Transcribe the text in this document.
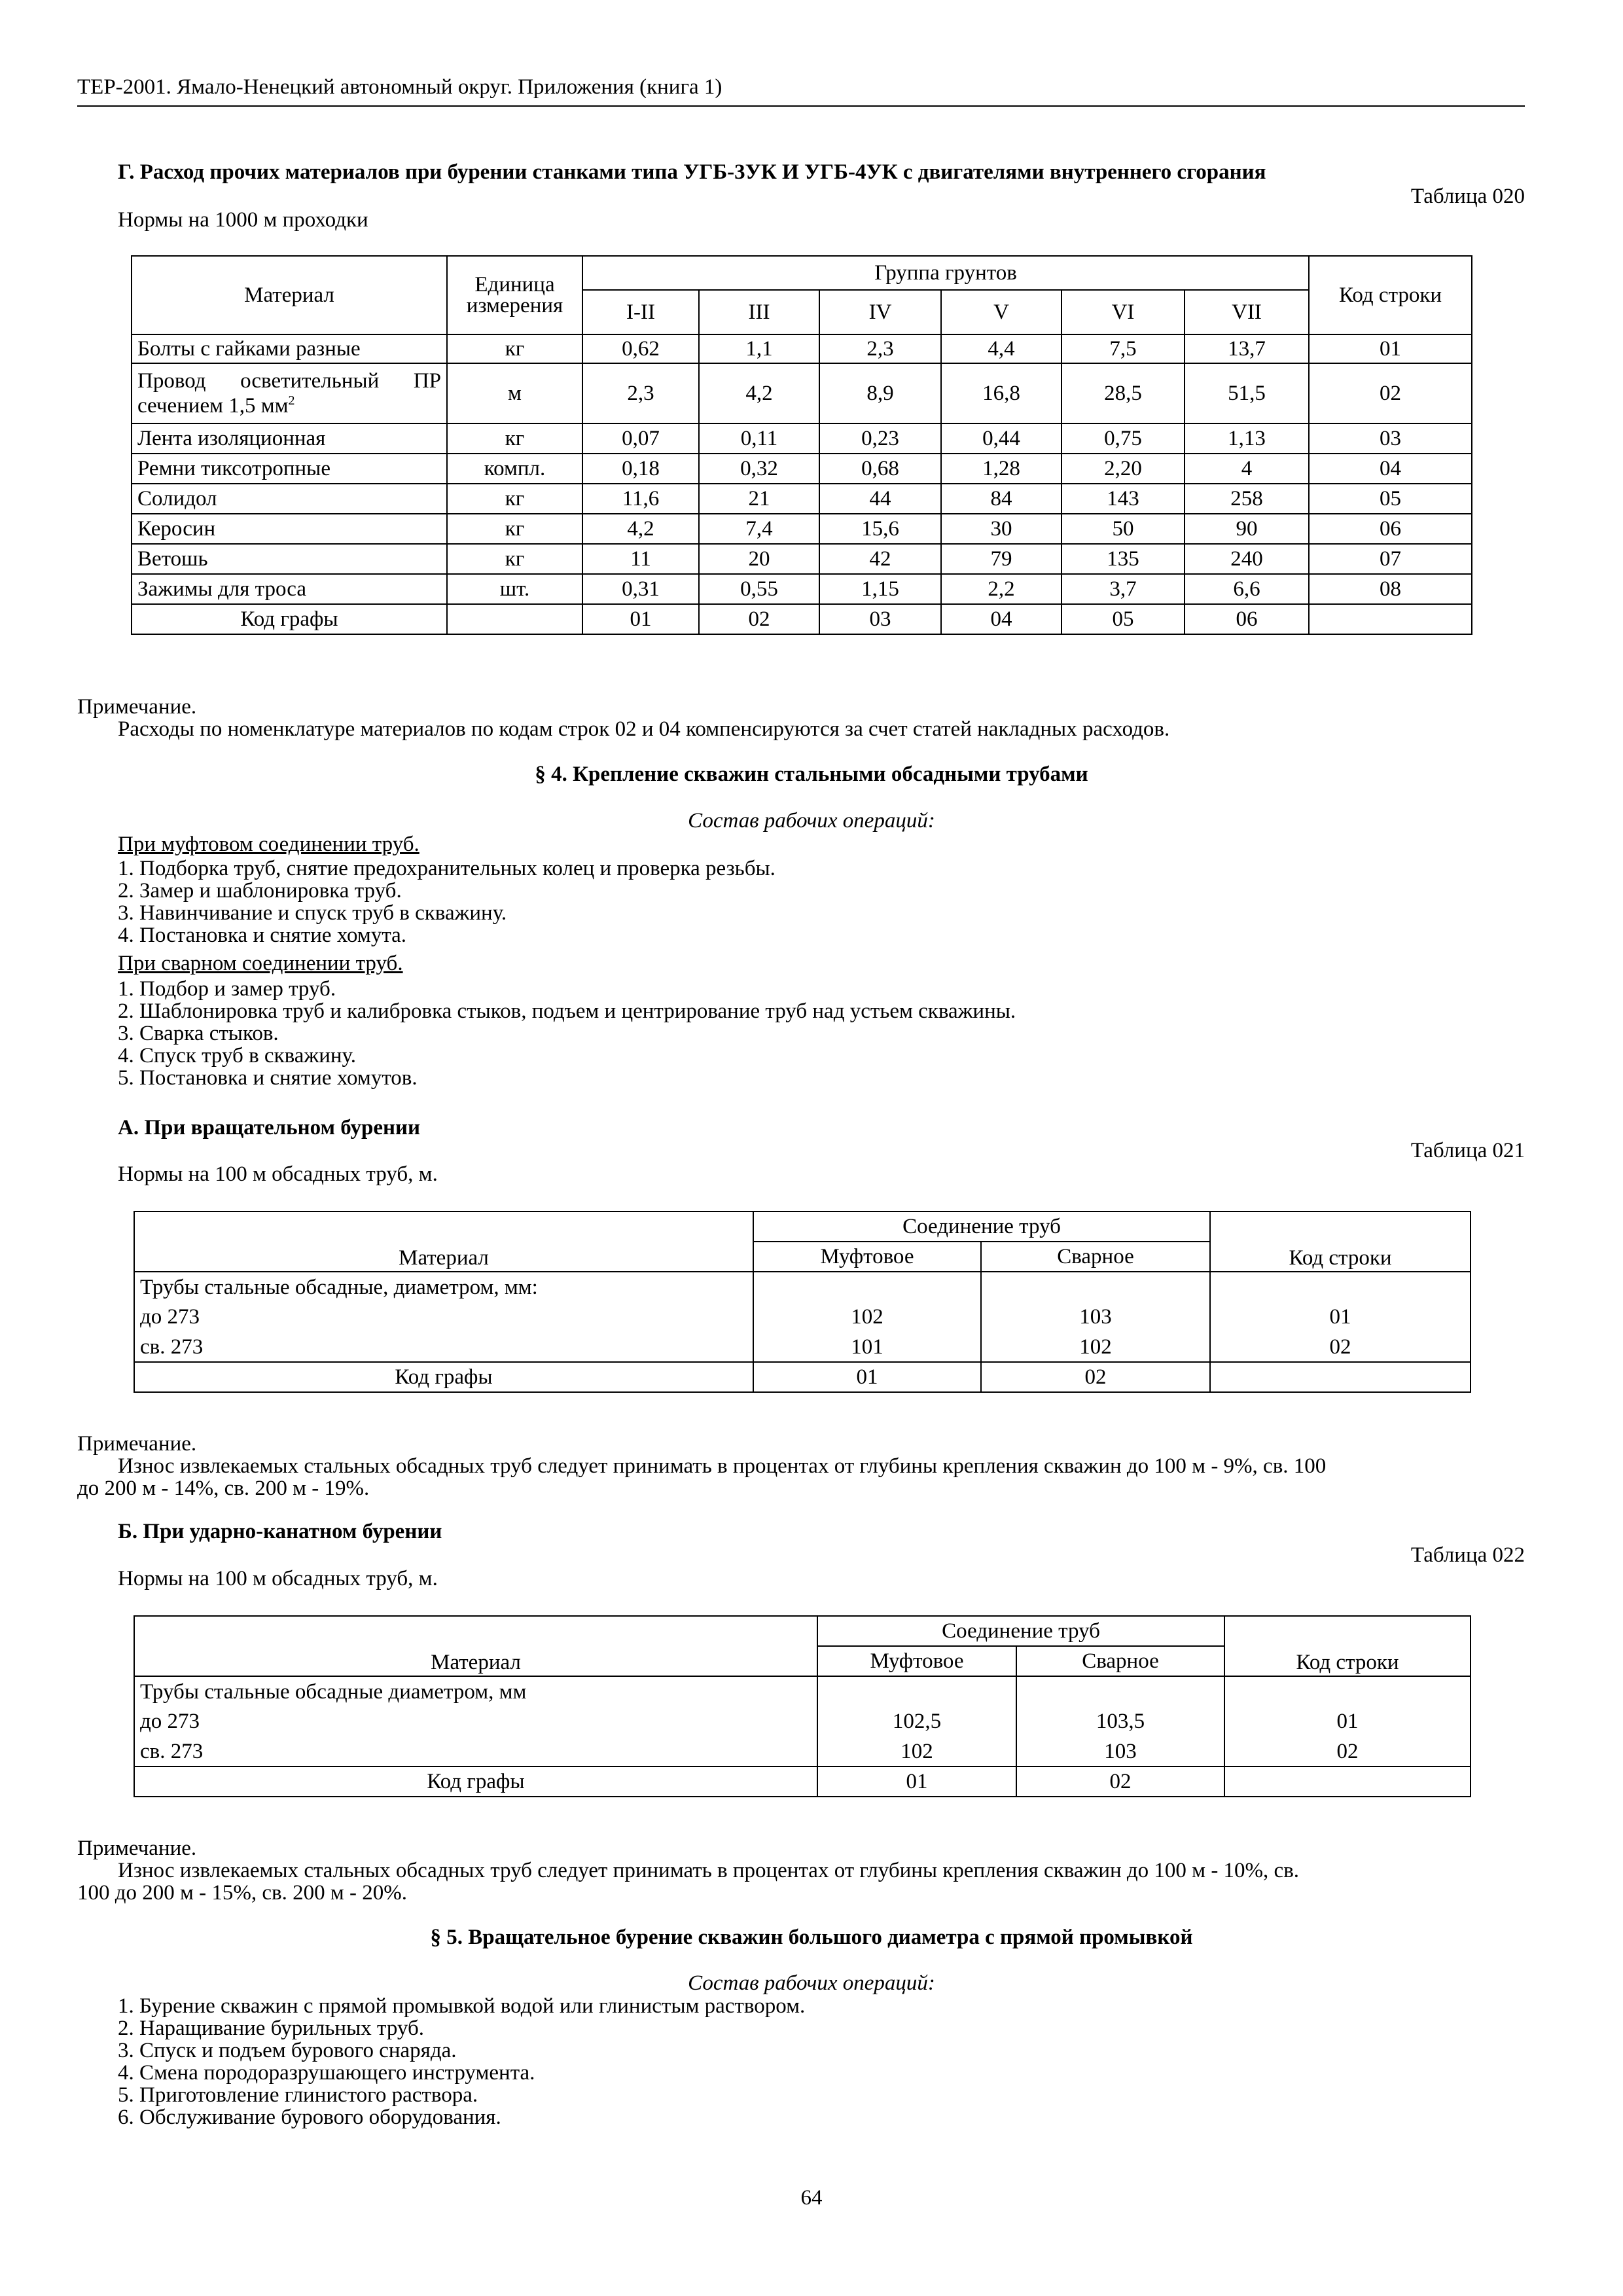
ТЕР-2001. Ямало-Ненецкий автономный округ. Приложения (книга 1)
Г. Расход прочих материалов при бурении станками типа УГБ-3УК И УГБ-4УК с двигателями внутреннего сгорания
Таблица 020
Нормы на 1000 м проходки
Материал	Единица измерения	Группа грунтов						Код строки
		I-II	III	IV	V	VI	VII	
Болты с гайками разные	кг	0,62	1,1	2,3	4,4	7,5	13,7	01
Провод осветительный ПР сечением 1,5 $мм^2$	м	2,3	4,2	8,9	16,8	28,5	51,5	02
Лента изоляционная	кг	0,07	0,11	0,23	0,44	0,75	1,13	03
Ремни тиксотропные	компл.	0,18	0,32	0,68	1,28	2,20	4	04
Солидол	кг	11,6	21	44	84	143	258	05
Керосин	кг	4,2	7,4	15,6	30	50	90	06
Ветошь	кг	11	20	42	79	135	240	07
Зажимы для троса	шт.	0,31	0,55	1,15	2,2	3,7	6,6	08
Код графы		01	02	03	04	05	06	
Примечание.
Расходы по номенклатуре материалов по кодам строк 02 и 04 компенсируются за счет статей накладных расходов.
§ 4. Крепление скважин стальными обсадными трубами
Состав рабочих операций:
При муфтовом соединении труб.
1. Подборка труб, снятие предохранительных колец и проверка резьбы.
2. Замер и шаблонировка труб.
3. Навинчивание и спуск труб в скважину.
4. Постановка и снятие хомута.
При сварном соединении труб.
1. Подбор и замер труб.
2. Шаблонировка труб и калибровка стыков, подъем и центрирование труб над устьем скважины.
3. Сварка стыков.
4. Спуск труб в скважину.
5. Постановка и снятие хомутов.
А. При вращательном бурении
Таблица 021
Нормы на 100 м обсадных труб, м.
Материал	Соединение труб		Код строки
	Муфтовое	Сварное	
Трубы стальные обсадные, диаметром, мм:			
до 273	102	103	01
св. 273	101	102	02
Код графы	01	02	
Примечание.
Износ извлекаемых стальных обсадных труб следует принимать в процентах от глубины крепления скважин до 100 м - 9%, св. 100
до 200 м - 14%, св. 200 м - 19%.
Б. При ударно-канатном бурении
Таблица 022
Нормы на 100 м обсадных труб, м.
Материал	Соединение труб		Код строки
	Муфтовое	Сварное	
Трубы стальные обсадные диаметром, мм			
до 273	102,5	103,5	01
св. 273	102	103	02
Код графы	01	02	
Примечание.
Износ извлекаемых стальных обсадных труб следует принимать в процентах от глубины крепления скважин до 100 м - 10%, св.
100 до 200 м - 15%, св. 200 м - 20%.
§ 5. Вращательное бурение скважин большого диаметра с прямой промывкой
Состав рабочих операций:
1. Бурение скважин с прямой промывкой водой или глинистым раствором.
2. Наращивание бурильных труб.
3. Спуск и подъем бурового снаряда.
4. Смена породоразрушающего инструмента.
5. Приготовление глинистого раствора.
6. Обслуживание бурового оборудования.
64
